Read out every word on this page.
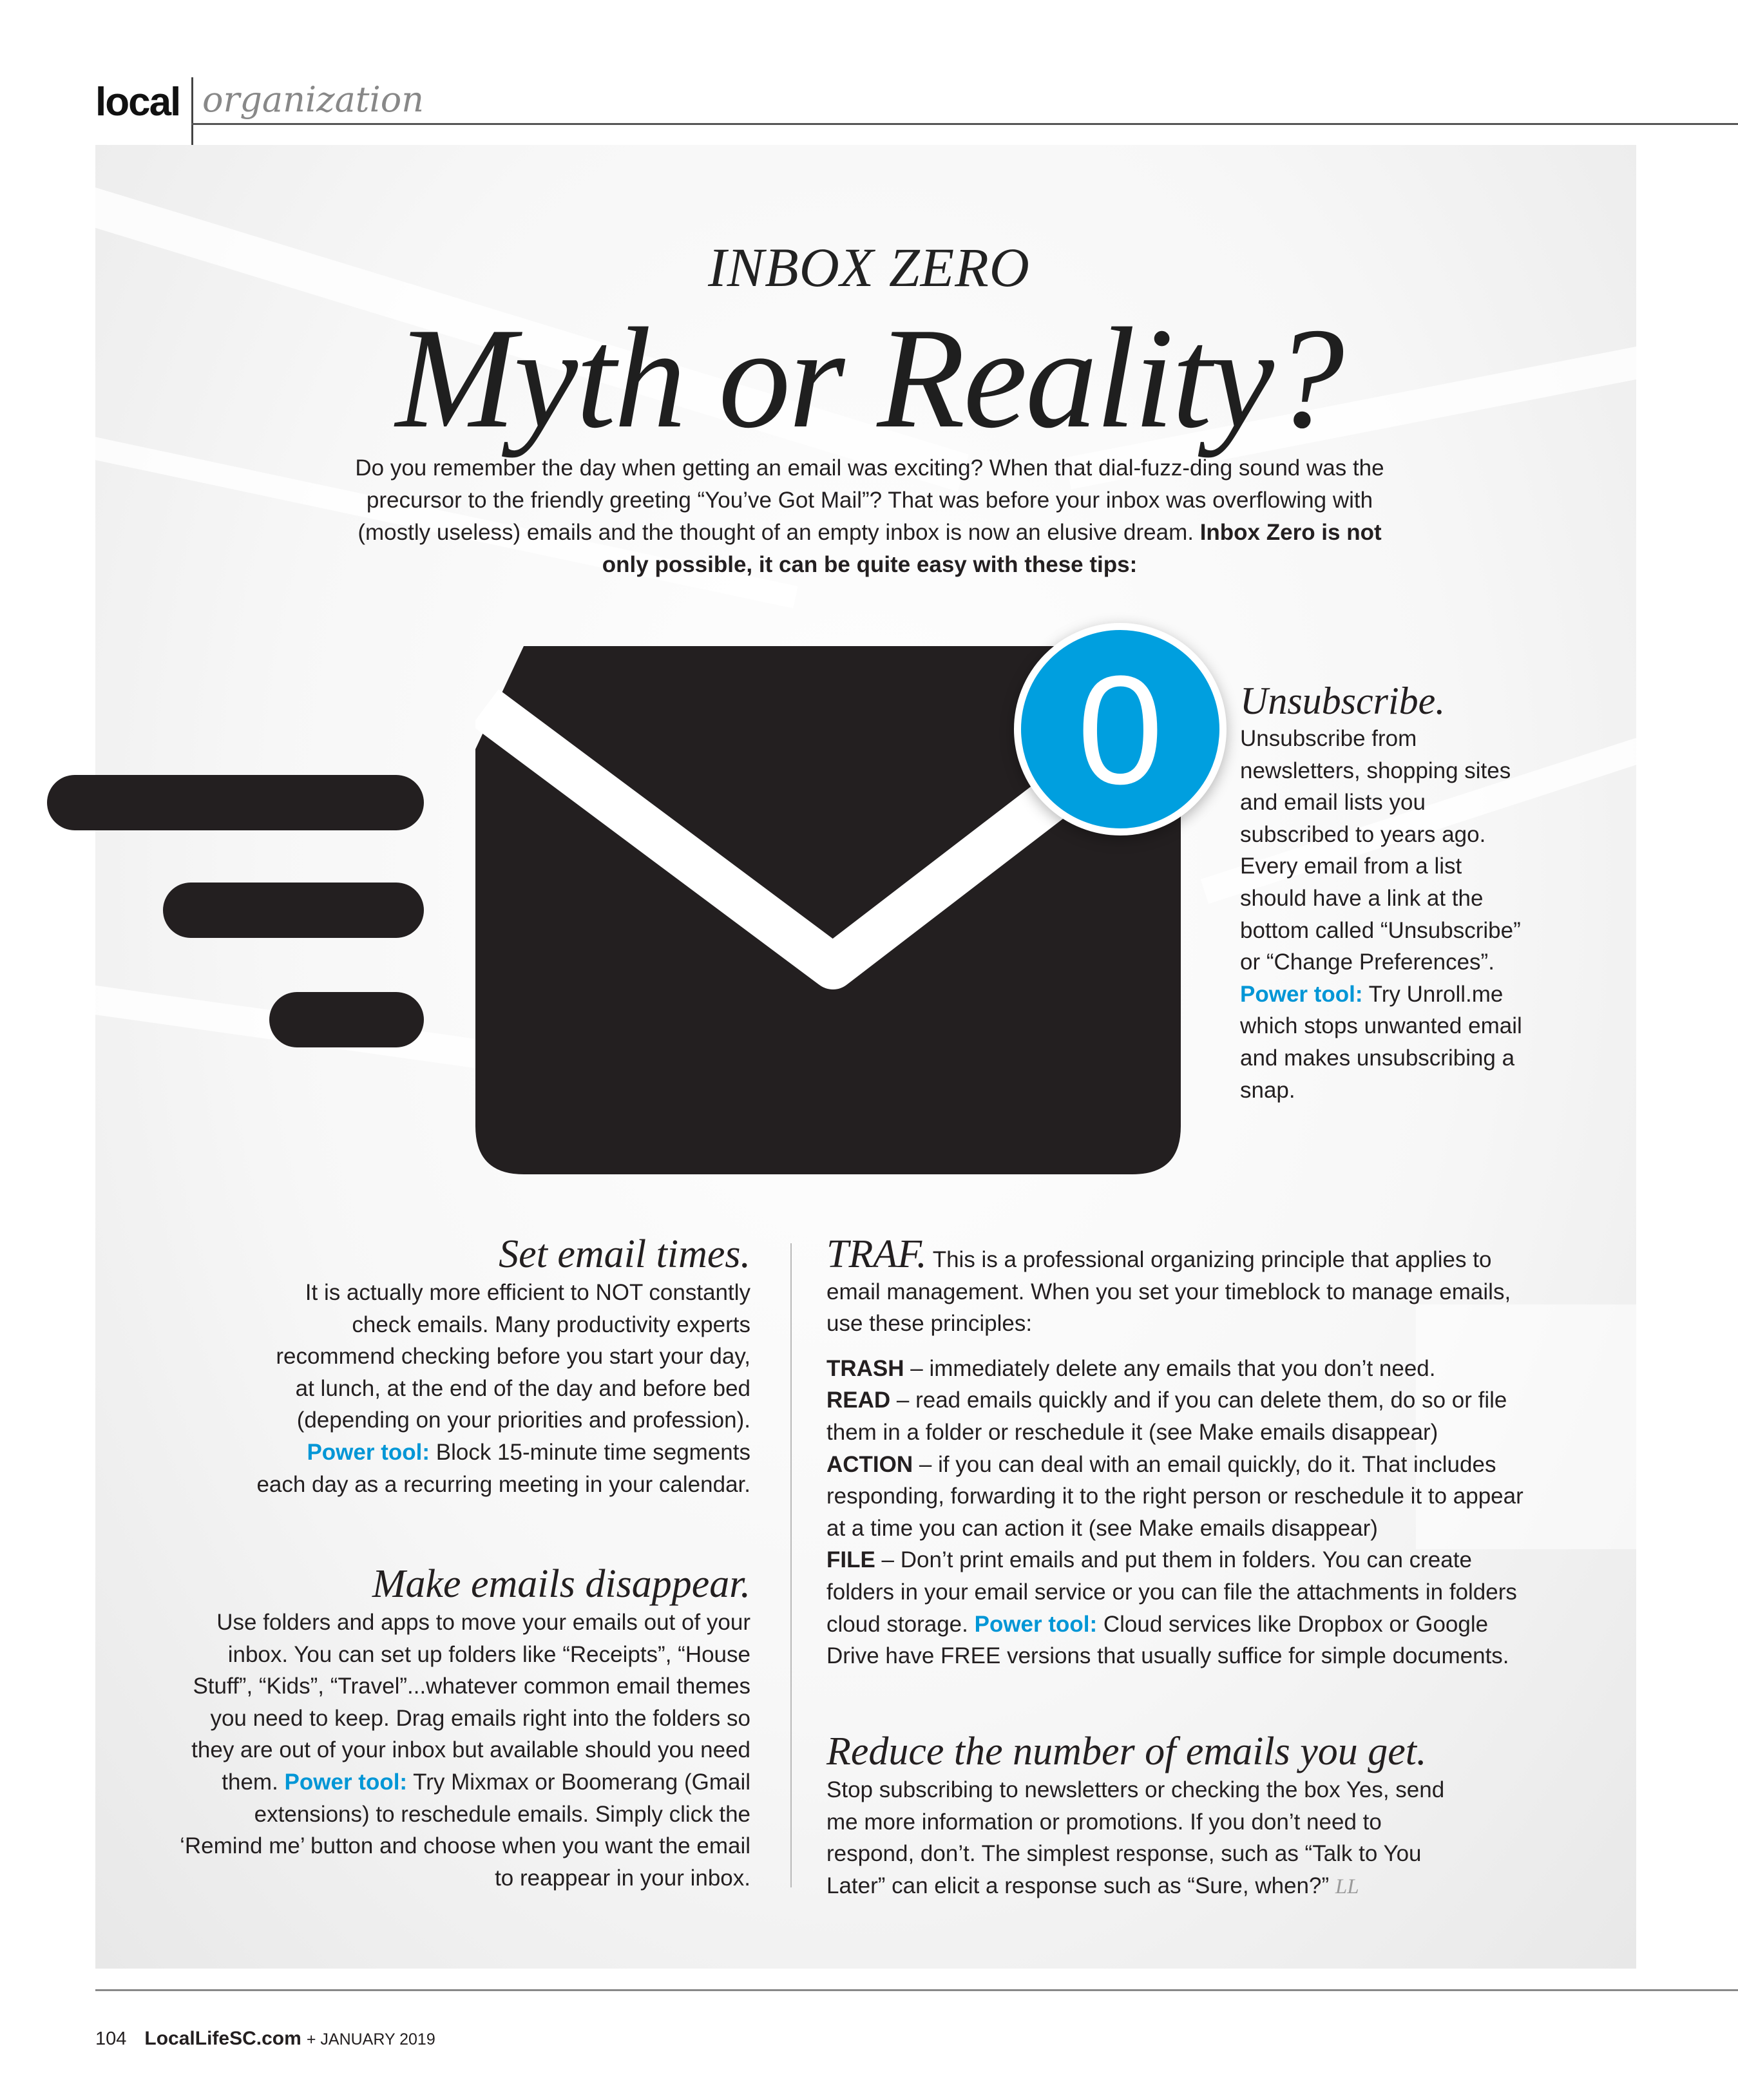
local organization
INBOX ZERO
Myth or Reality?
Do you remember the day when getting an email was exciting? When that dial-fuzz-ding sound was the precursor to the friendly greeting “You’ve Got Mail”? That was before your inbox was overflowing with (mostly useless) emails and the thought of an empty inbox is now an elusive dream. Inbox Zero is not only possible, it can be quite easy with these tips:
0	Unsubscribe.
Unsubscribe from newsletters, shopping sites and email lists you subscribed to years ago. Every email from a list should have a link at the bottom called “Unsubscribe” or “Change Preferences”. Power tool: Try Unroll.me which stops unwanted email and makes unsubscribing a snap.
Set email times.
It is actually more efficient to NOT constantly check emails. Many productivity experts recommend checking before you start your day, at lunch, at the end of the day and before bed (depending on your priorities and profession). Power tool: Block 15-minute time segments each day as a recurring meeting in your calendar.
Make emails disappear.
Use folders and apps to move your emails out of your inbox. You can set up folders like “Receipts”, “House Stuff”, “Kids”, “Travel”...whatever common email themes you need to keep. Drag emails right into the folders so they are out of your inbox but available should you need them. Power tool: Try Mixmax or Boomerang (Gmail extensions) to reschedule emails. Simply click the ‘Remind me’ button and choose when you want the email to reappear in your inbox.
TRAF. This is a professional organizing principle that applies to email management. When you set your timeblock to manage emails, use these principles:
TRASH – immediately delete any emails that you don’t need.
READ – read emails quickly and if you can delete them, do so or file them in a folder or reschedule it (see Make emails disappear)
ACTION – if you can deal with an email quickly, do it. That includes responding, forwarding it to the right person or reschedule it to appear at a time you can action it (see Make emails disappear)
FILE – Don’t print emails and put them in folders. You can create folders in your email service or you can file the attachments in folders cloud storage. Power tool: Cloud services like Dropbox or Google Drive have FREE versions that usually suffice for simple documents.
Reduce the number of emails you get.
Stop subscribing to newsletters or checking the box Yes, send me more information or promotions. If you don’t need to respond, don’t. The simplest response, such as “Talk to You Later” can elicit a response such as “Sure, when?” LL
104 LocalLifeSC.com + JANUARY 2019
